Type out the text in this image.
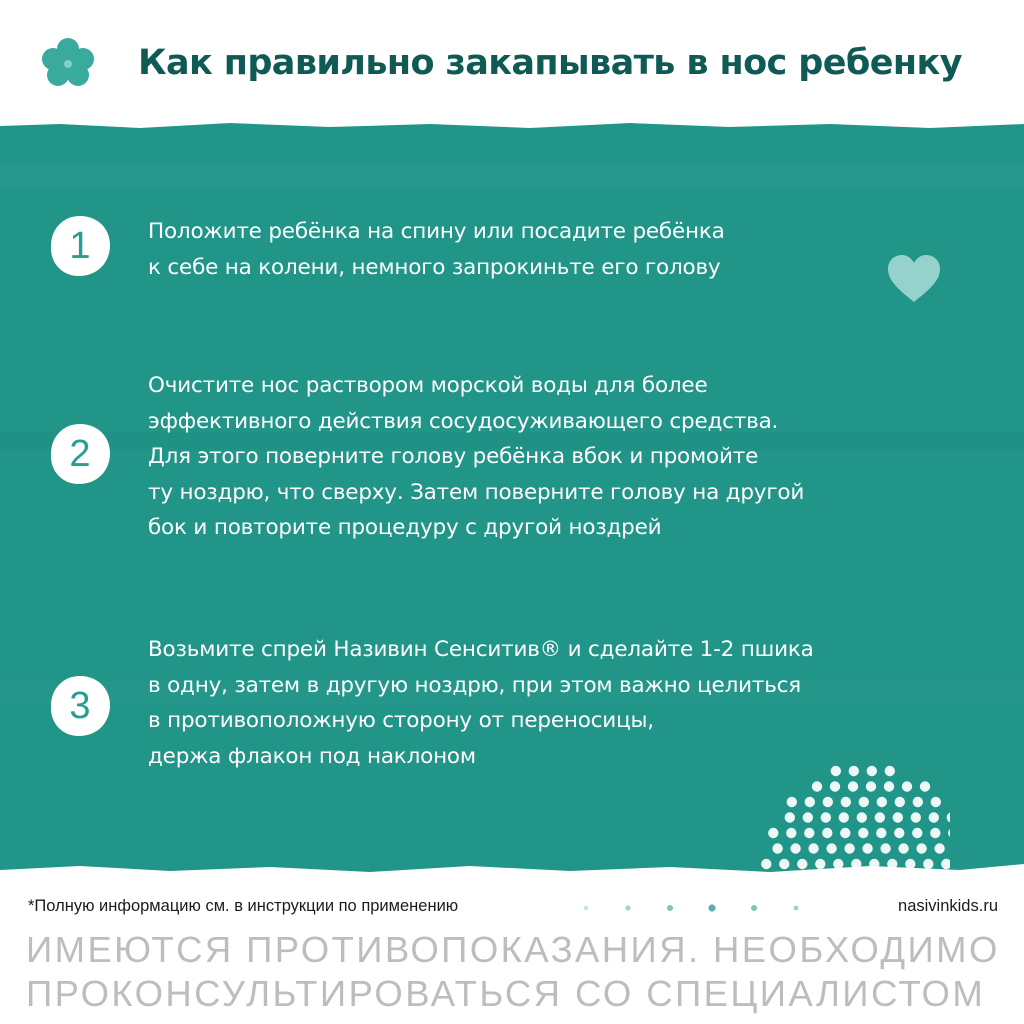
Как правильно закапывать в нос ребенку
1	Положите ребёнка на спину или посадите ребёнка
к себе на колени, немного запрокиньте его голову
2
Очистите нос раствором морской воды для более
эффективного действия сосудосуживающего средства.
Для этого поверните голову ребёнка вбок и промойте
ту ноздрю, что сверху. Затем поверните голову на другой
бок и повторите процедуру с другой ноздрей
3
Возьмите спрей Називин Сенситив® и сделайте 1-2 пшика
в одну, затем в другую ноздрю, при этом важно целиться
в противоположную сторону от переносицы,
держа флакон под наклоном
*Полную информацию см. в инструкции по применению	nasivinkids.ru
ИМЕЮТСЯ ПРОТИВОПОКАЗАНИЯ. НЕОБХОДИМО
ПРОКОНСУЛЬТИРОВАТЬСЯ СО СПЕЦИАЛИСТОМ
